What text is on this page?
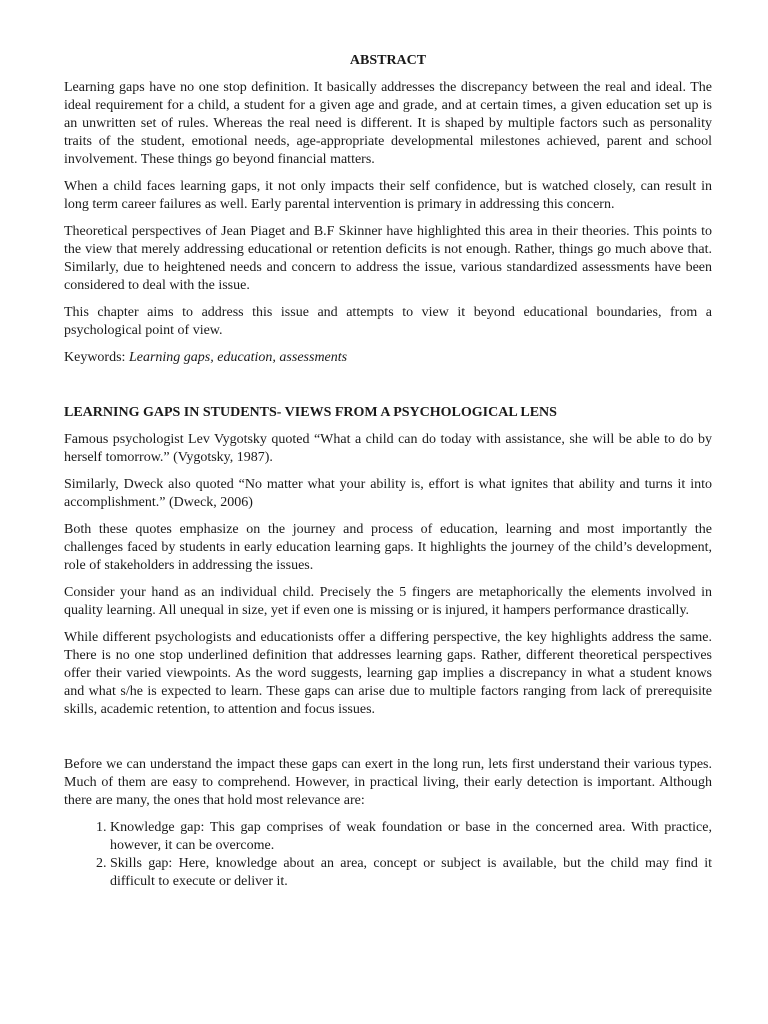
ABSTRACT

Learning gaps have no one stop definition. It basically addresses the discrepancy between the real and ideal. The ideal requirement for a child, a student for a given age and grade, and at certain times, a given education set up is an unwritten set of rules. Whereas the real need is different. It is shaped by multiple factors such as personality traits of the student, emotional needs, age-appropriate developmental milestones achieved, parent and school involvement. These things go beyond financial matters.

When a child faces learning gaps, it not only impacts their self confidence, but is watched closely, can result in long term career failures as well. Early parental intervention is primary in addressing this concern.

Theoretical perspectives of Jean Piaget and B.F Skinner have highlighted this area in their theories. This points to the view that merely addressing educational or retention deficits is not enough. Rather, things go much above that. Similarly, due to heightened needs and concern to address the issue, various standardized assessments have been considered to deal with the issue.

This chapter aims to address this issue and attempts to view it beyond educational boundaries, from a psychological point of view.

Keywords: Learning gaps, education, assessments

LEARNING GAPS IN STUDENTS- VIEWS FROM A PSYCHOLOGICAL LENS

Famous psychologist Lev Vygotsky quoted “What a child can do today with assistance, she will be able to do by herself tomorrow.” (Vygotsky, 1987).

Similarly, Dweck also quoted “No matter what your ability is, effort is what ignites that ability and turns it into accomplishment.” (Dweck, 2006)

Both these quotes emphasize on the journey and process of education, learning and most importantly the challenges faced by students in early education learning gaps. It highlights the journey of the child’s development, role of stakeholders in addressing the issues.

Consider your hand as an individual child. Precisely the 5 fingers are metaphorically the elements involved in quality learning. All unequal in size, yet if even one is missing or is injured, it hampers performance drastically.

While different psychologists and educationists offer a differing perspective, the key highlights address the same. There is no one stop underlined definition that addresses learning gaps. Rather, different theoretical perspectives offer their varied viewpoints. As the word suggests, learning gap implies a discrepancy in what a student knows and what s/he is expected to learn. These gaps can arise due to multiple factors ranging from lack of prerequisite skills, academic retention, to attention and focus issues.

Before we can understand the impact these gaps can exert in the long run, lets first understand their various types. Much of them are easy to comprehend. However, in practical living, their early detection is important. Although there are many, the ones that hold most relevance are:

1. Knowledge gap: This gap comprises of weak foundation or base in the concerned area. With practice, however, it can be overcome.
2. Skills gap: Here, knowledge about an area, concept or subject is available, but the child may find it difficult to execute or deliver it.
